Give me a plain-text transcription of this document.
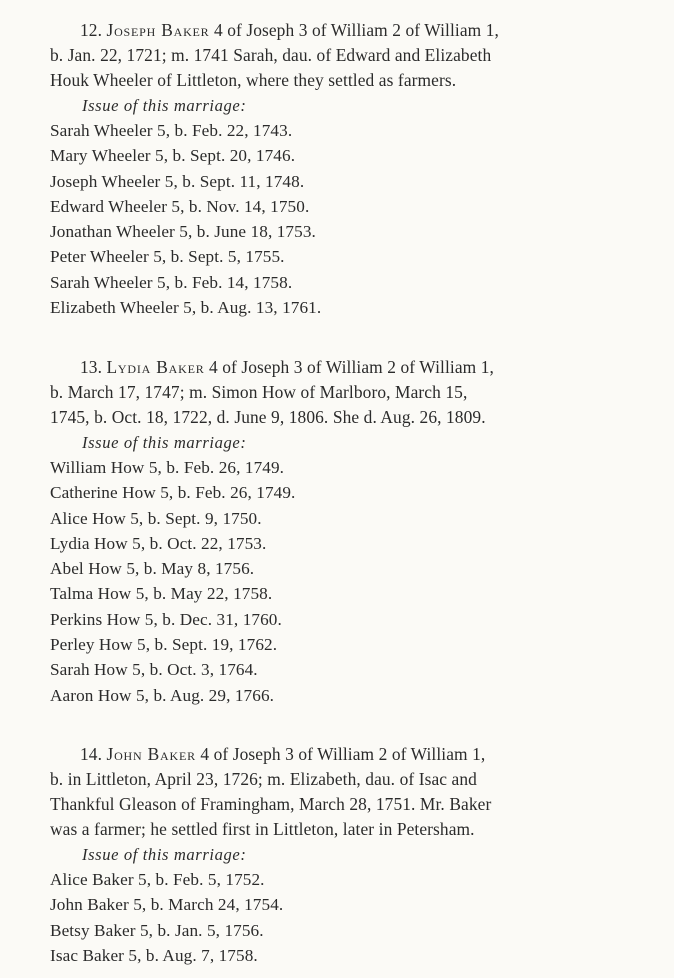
12. Joseph Baker 4 of Joseph 3 of William 2 of William 1,
b. Jan. 22, 1721; m. 1741 Sarah, dau. of Edward and Elizabeth
Houk Wheeler of Littleton, where they settled as farmers.

Issue of this marriage:

Sarah Wheeler 5, b. Feb. 22, 1743.
Mary Wheeler 5, b. Sept. 20, 1746.
Joseph Wheeler 5, b. Sept. 11, 1748.
Edward Wheeler 5, b. Nov. 14, 1750.
Jonathan Wheeler 5, b. June 18, 1753.
Peter Wheeler 5, b. Sept. 5, 1755.
Sarah Wheeler 5, b. Feb. 14, 1758.
Elizabeth Wheeler 5, b. Aug. 13, 1761.

13. Lydia Baker 4 of Joseph 3 of William 2 of William 1,
b. March 17, 1747; m. Simon How of Marlboro, March 15,
1745, b. Oct. 18, 1722, d. June 9, 1806. She d. Aug. 26, 1809.

Issue of this marriage:

William How 5, b. Feb. 26, 1749.
Catherine How 5, b. Feb. 26, 1749.
Alice How 5, b. Sept. 9, 1750.
Lydia How 5, b. Oct. 22, 1753.
Abel How 5, b. May 8, 1756.
Talma How 5, b. May 22, 1758.
Perkins How 5, b. Dec. 31, 1760.
Perley How 5, b. Sept. 19, 1762.
Sarah How 5, b. Oct. 3, 1764.
Aaron How 5, b. Aug. 29, 1766.

14. John Baker 4 of Joseph 3 of William 2 of William 1,
b. in Littleton, April 23, 1726; m. Elizabeth, dau. of Isac and
Thankful Gleason of Framingham, March 28, 1751. Mr. Baker
was a farmer; he settled first in Littleton, later in Petersham.

Issue of this marriage:

Alice Baker 5, b. Feb. 5, 1752.
John Baker 5, b. March 24, 1754.
Betsy Baker 5, b. Jan. 5, 1756.
Isac Baker 5, b. Aug. 7, 1758.
